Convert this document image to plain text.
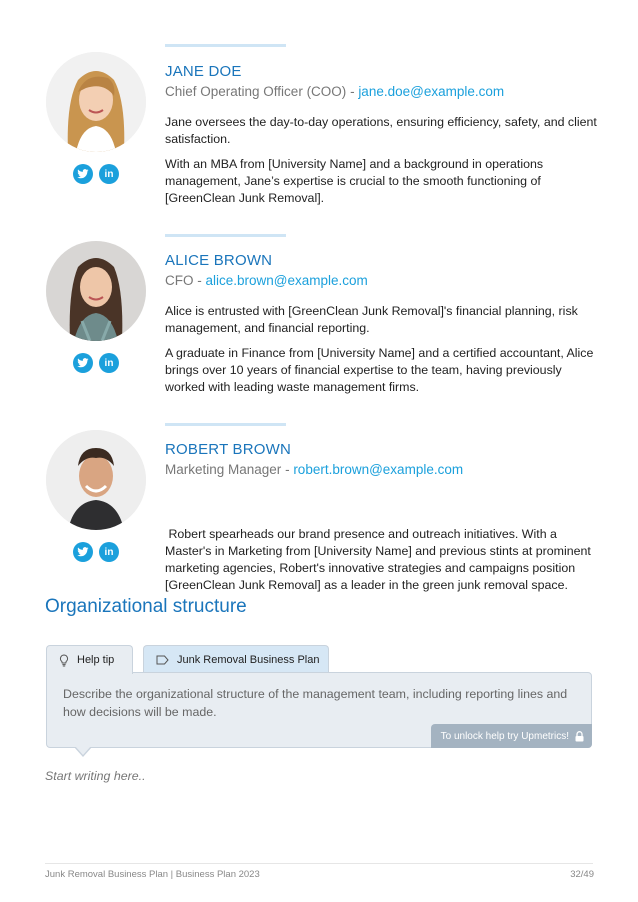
in
JANE DOE
Chief Operating Officer (COO) - jane.doe@example.com

Jane oversees the day-to-day operations, ensuring efficiency, safety, and client satisfaction.

With an MBA from [University Name] and a background in operations management, Jane’s expertise is crucial to the smooth functioning of [GreenClean Junk Removal].

in
ALICE BROWN
CFO - alice.brown@example.com

Alice is entrusted with [GreenClean Junk Removal]'s financial planning, risk management, and financial reporting.

A graduate in Finance from [University Name] and a certified accountant, Alice brings over 10 years of financial expertise to the team, having previously worked with leading waste management firms.

in
ROBERT BROWN
Marketing Manager - robert.brown@example.com

Robert spearheads our brand presence and outreach initiatives. With a Master's in Marketing from [University Name] and previous stints at prominent marketing agencies, Robert's innovative strategies and campaigns position [GreenClean Junk Removal] as a leader in the green junk removal space.

Organizational structure
Help tip	Junk Removal Business Plan
Describe the organizational structure of the management team, including reporting lines and how decisions will be made.
To unlock help try Upmetrics!
Start writing here..
Junk Removal Business Plan | Business Plan 2023	32/49
